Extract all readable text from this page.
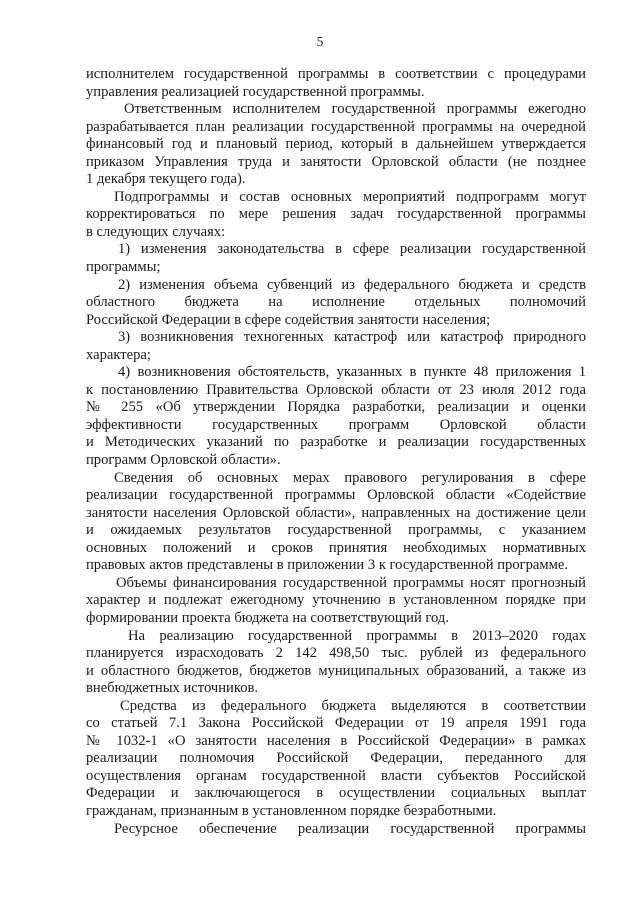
5
исполнителем государственной программы в соответствии с процедурами
управления реализацией государственной программы.
Ответственным исполнителем государственной программы ежегодно
разрабатывается план реализации государственной программы на очередной
финансовый год и плановый период, который в дальнейшем утверждается
приказом Управления труда и занятости Орловской области (не позднее
1 декабря текущего года).
Подпрограммы и состав основных мероприятий подпрограмм могут
корректироваться по мере решения задач государственной программы
в следующих случаях:
1) изменения законодательства в сфере реализации государственной
программы;
2) изменения объема субвенций из федерального бюджета и средств
областного бюджета на исполнение отдельных полномочий
Российской Федерации в сфере содействия занятости населения;
3) возникновения техногенных катастроф или катастроф природного
характера;
4) возникновения обстоятельств, указанных в пункте 48 приложения 1
к постановлению Правительства Орловской области от 23 июля 2012 года
№ 255 «Об утверждении Порядка разработки, реализации и оценки
эффективности государственных программ Орловской области
и Методических указаний по разработке и реализации государственных
программ Орловской области».
Сведения об основных мерах правового регулирования в сфере
реализации государственной программы Орловской области «Содействие
занятости населения Орловской области», направленных на достижение цели
и ожидаемых результатов государственной программы, с указанием
основных положений и сроков принятия необходимых нормативных
правовых актов представлены в приложении 3 к государственной программе.
Объемы финансирования государственной программы носят прогнозный
характер и подлежат ежегодному уточнению в установленном порядке при
формировании проекта бюджета на соответствующий год.
На реализацию государственной программы в 2013–2020 годах
планируется израсходовать 2 142 498,50 тыс. рублей из федерального
и областного бюджетов, бюджетов муниципальных образований, а также из
внебюджетных источников.
Средства из федерального бюджета выделяются в соответствии
со статьей 7.1 Закона Российской Федерации от 19 апреля 1991 года
№ 1032-1 «О занятости населения в Российской Федерации» в рамках
реализации полномочия Российской Федерации, переданного для
осуществления органам государственной власти субъектов Российской
Федерации и заключающегося в осуществлении социальных выплат
гражданам, признанным в установленном порядке безработными.
Ресурсное обеспечение реализации государственной программы
